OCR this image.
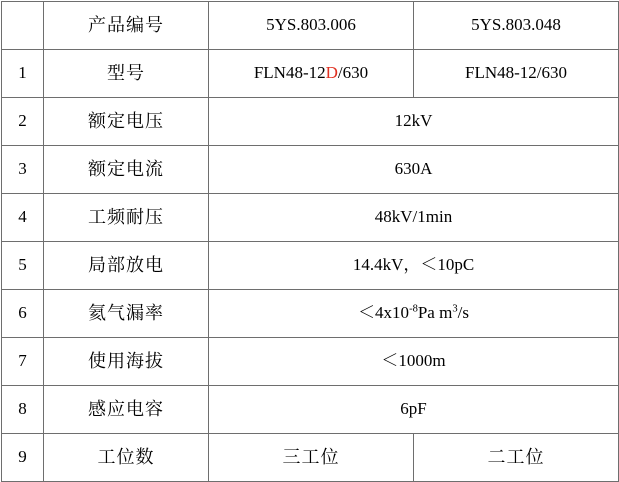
	产品编号	5YS.803.006	5YS.803.048
1	型号	FLN48-12D/630	FLN48-12/630
2	额定电压	12kV	
3	额定电流	630A	
4	工频耐压	48kV/1min	
5	局部放电	14.4kV，＜10pC	
6	氦气漏率	$<4x10^{-8}Pa$ $m^3/s$	
7	使用海拔	＜1000m	
8	感应电容	6pF	
9	工位数	三工位	二工位
